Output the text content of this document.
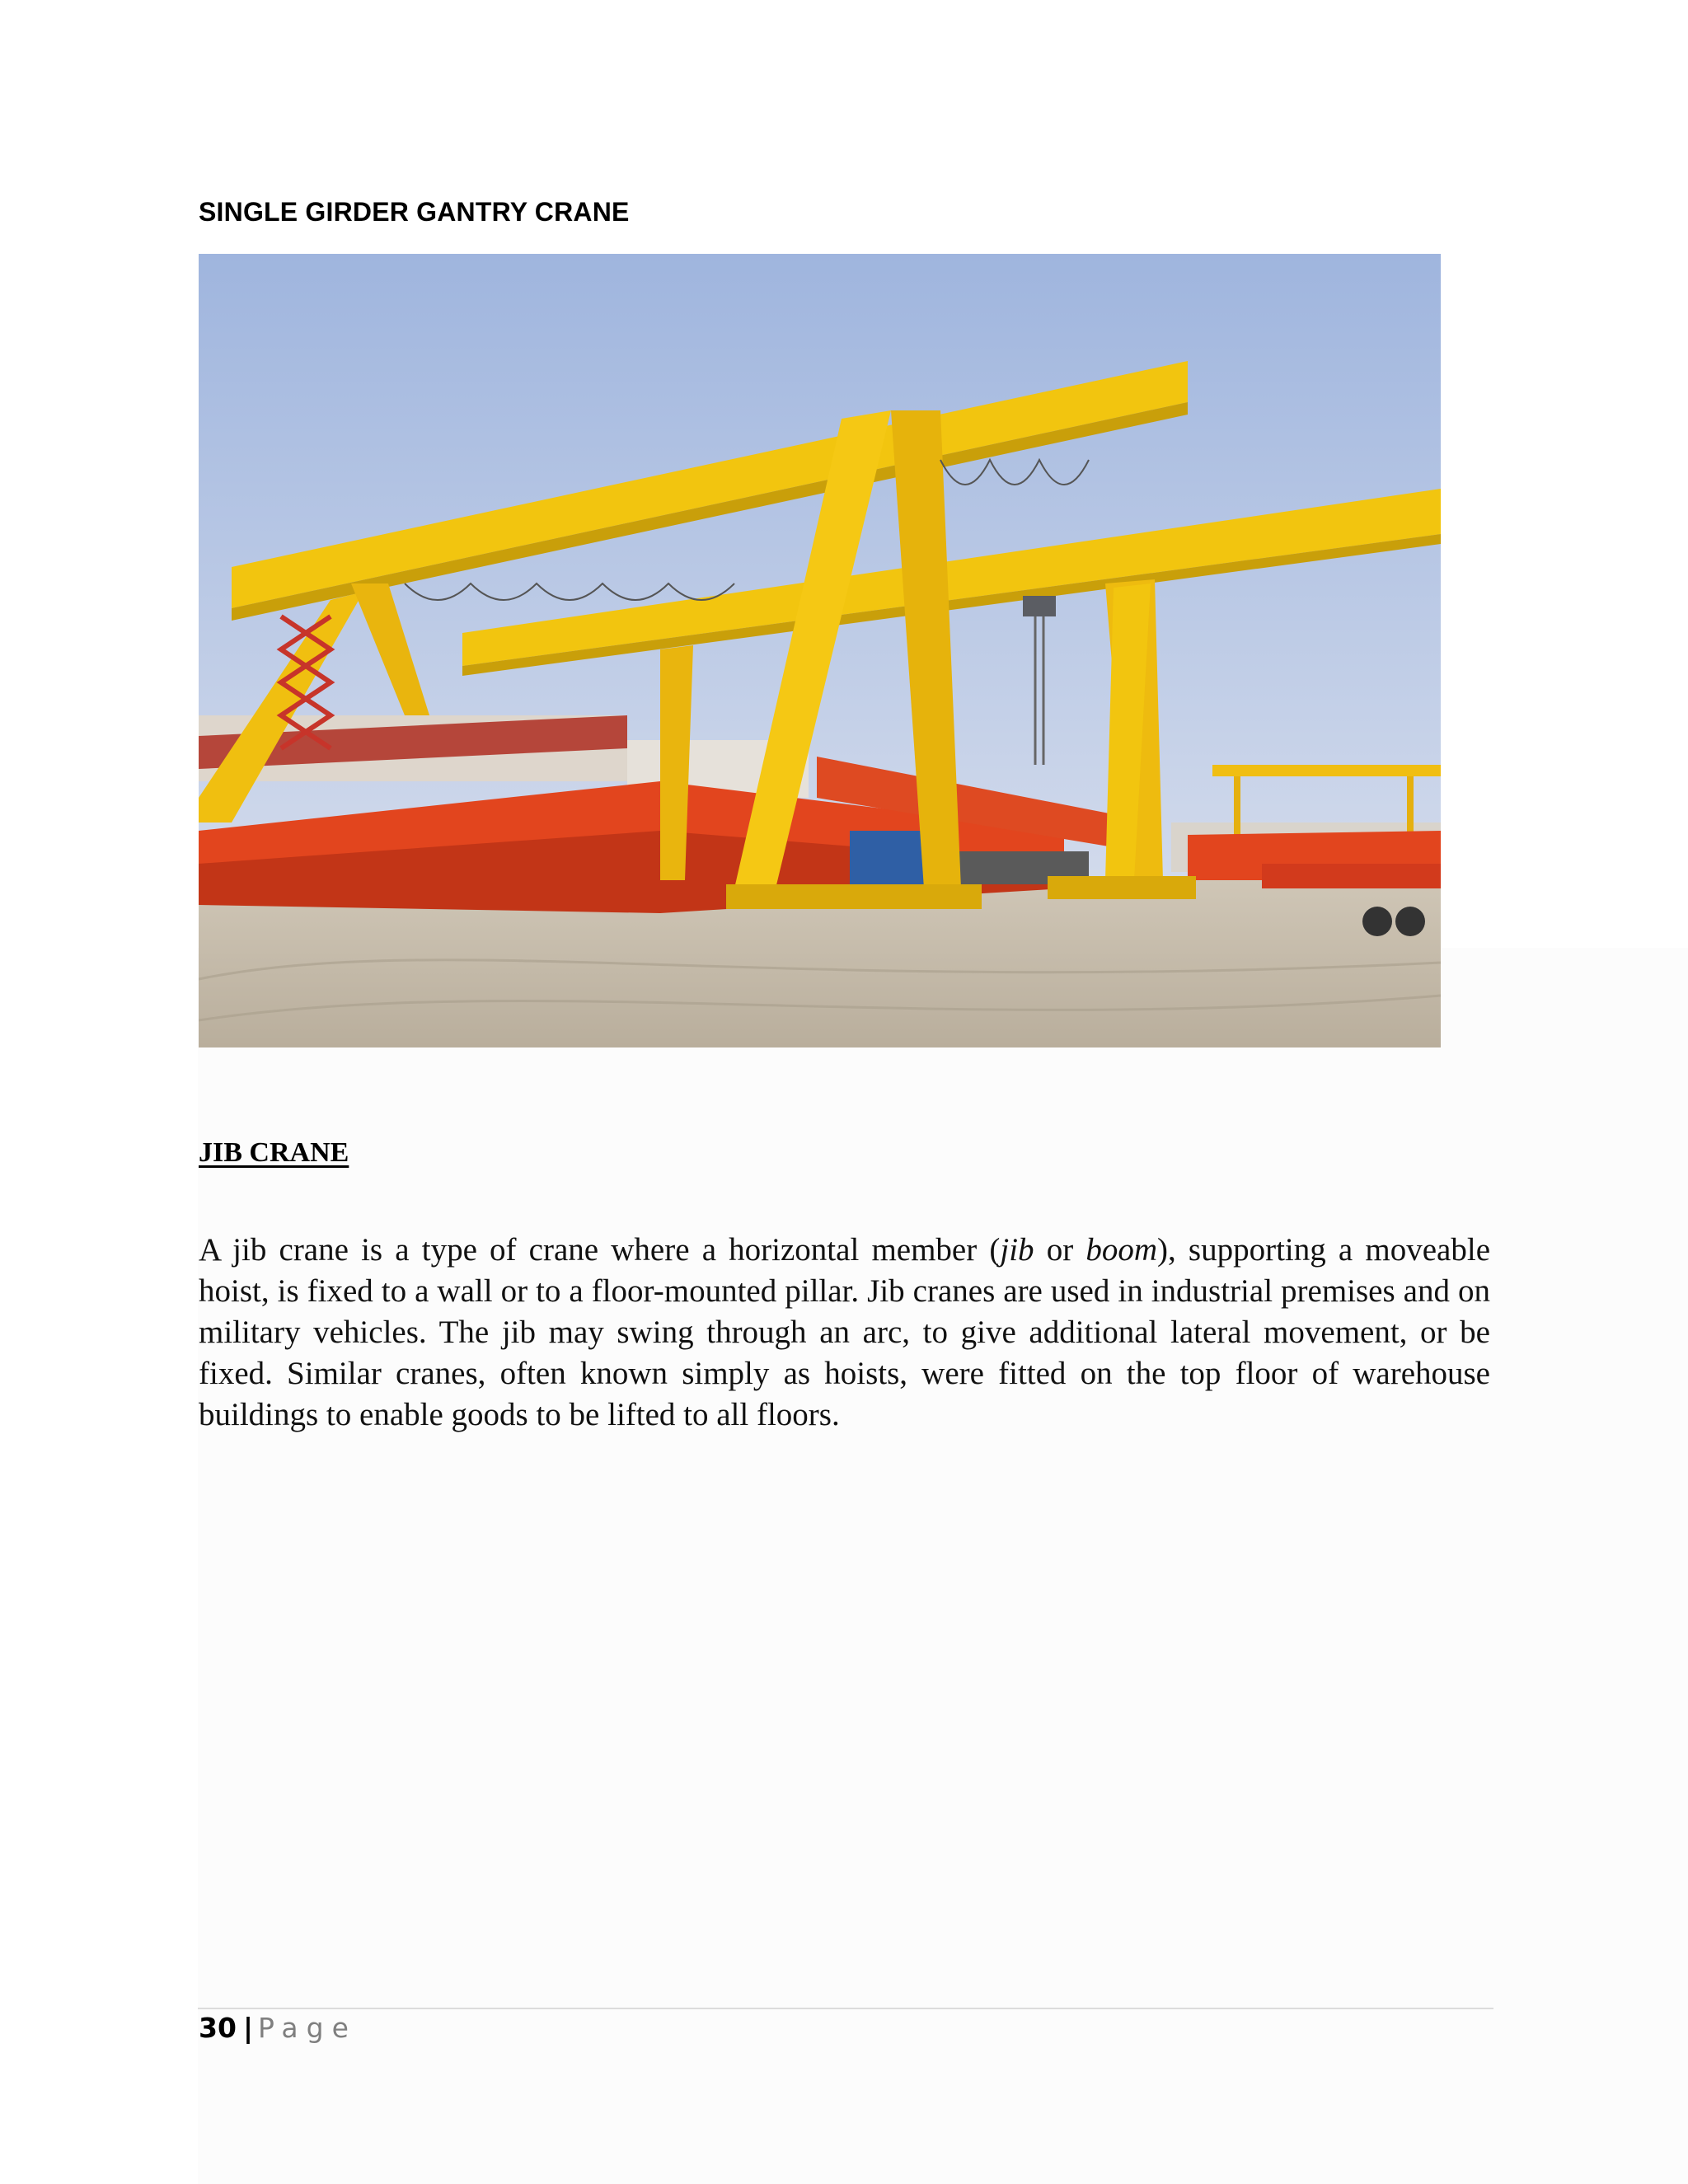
SINGLE GIRDER GANTRY CRANE
JIB CRANE

A jib crane is a type of crane where a horizontal member (jib or boom), supporting a moveable hoist, is fixed to a wall or to a floor-mounted pillar. Jib cranes are used in industrial premises and on military vehicles. The jib may swing through an arc, to give additional lateral movement, or be fixed. Similar cranes, often known simply as hoists, were fitted on the top floor of warehouse buildings to enable goods to be lifted to all floors.

30 | Page
